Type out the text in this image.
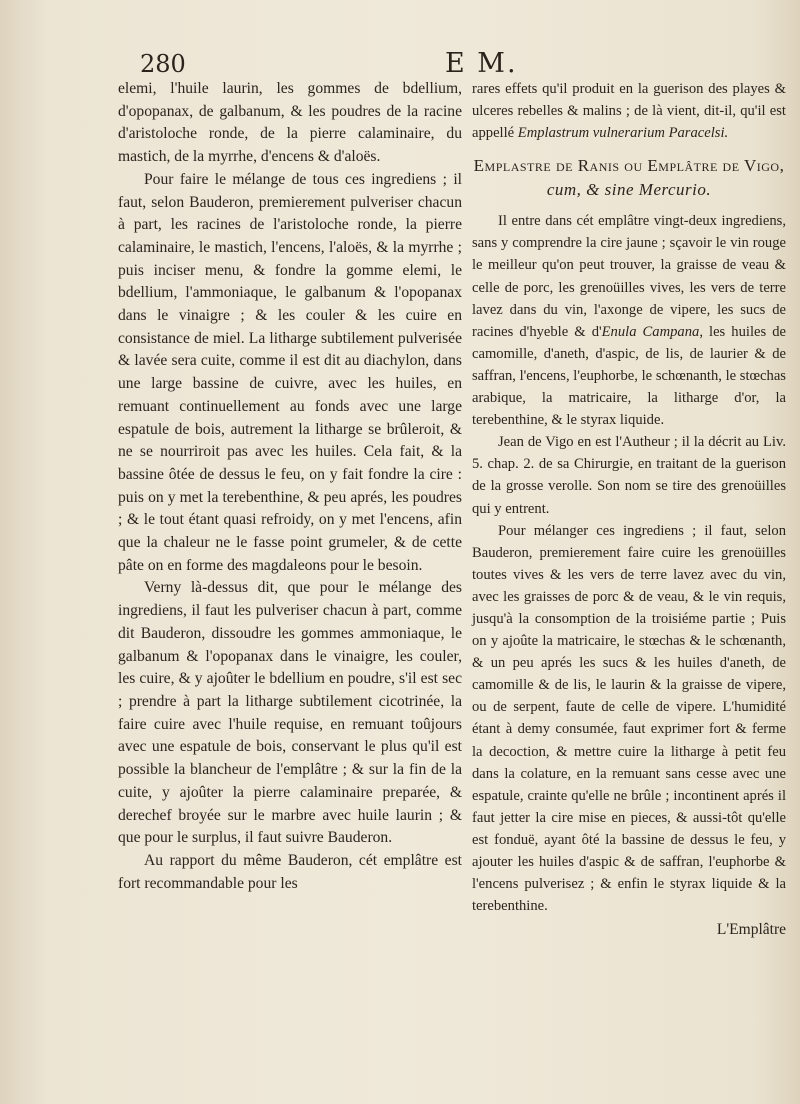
280	E M.

elemi, l'huile laurin, les gommes de bdellium, d'opopanax, de galbanum, & les poudres de la racine d'aristoloche ronde, de la pierre calaminaire, du mastich, de la myrrhe, d'encens & d'aloës.

Pour faire le mélange de tous ces ingrediens ; il faut, selon Bauderon, premierement pulveriser chacun à part, les racines de l'aristoloche ronde, la pierre calaminaire, le mastich, l'encens, l'aloës, & la myrrhe ; puis inciser menu, & fondre la gomme elemi, le bdellium, l'ammoniaque, le galbanum & l'opopanax dans le vinaigre ; & les couler & les cuire en consistance de miel. La litharge subtilement pulverisée & lavée sera cuite, comme il est dit au diachylon, dans une large bassine de cuivre, avec les huiles, en remuant continuellement au fonds avec une large espatule de bois, autrement la litharge se brûleroit, & ne se nourriroit pas avec les huiles. Cela fait, & la bassine ôtée de dessus le feu, on y fait fondre la cire : puis on y met la terebenthine, & peu aprés, les poudres ; & le tout étant quasi refroidy, on y met l'encens, afin que la chaleur ne le fasse point grumeler, & de cette pâte on en forme des magdaleons pour le besoin.

Verny là-dessus dit, que pour le mélange des ingrediens, il faut les pulveriser chacun à part, comme dit Bauderon, dissoudre les gommes ammoniaque, le galbanum & l'opopanax dans le vinaigre, les couler, les cuire, & y ajoûter le bdellium en poudre, s'il est sec ; prendre à part la litharge subtilement cicotrinée, la faire cuire avec l'huile requise, en remuant toûjours avec une espatule de bois, conservant le plus qu'il est possible la blancheur de l'emplâtre ; & sur la fin de la cuite, y ajoûter la pierre calaminaire preparée, & derechef broyée sur le marbre avec huile laurin ; & que pour le surplus, il faut suivre Bauderon.

Au rapport du même Bauderon, cét emplâtre est fort recommandable pour les

rares effets qu'il produit en la guerison des playes & ulceres rebelles & malins ; de là vient, dit-il, qu'il est appellé Emplastrum vulnerarium Paracelsi.

Emplastre de Ranis ou Emplâtre de Vigo, cum, & sine Mercurio.

Il entre dans cét emplâtre vingt-deux ingrediens, sans y comprendre la cire jaune ; sçavoir le vin rouge le meilleur qu'on peut trouver, la graisse de veau & celle de porc, les grenoüilles vives, les vers de terre lavez dans du vin, l'axonge de vipere, les sucs de racines d'hyeble & d'Enula Campana, les huiles de camomille, d'aneth, d'aspic, de lis, de laurier & de saffran, l'encens, l'euphorbe, le schœnanth, le stœchas arabique, la matricaire, la litharge d'or, la terebenthine, & le styrax liquide.

Jean de Vigo en est l'Autheur ; il la décrit au Liv. 5. chap. 2. de sa Chirurgie, en traitant de la guerison de la grosse verolle. Son nom se tire des grenoüilles qui y entrent.

Pour mélanger ces ingrediens ; il faut, selon Bauderon, premierement faire cuire les grenoüilles toutes vives & les vers de terre lavez avec du vin, avec les graisses de porc & de veau, & le vin requis, jusqu'à la consomption de la troisiéme partie ; Puis on y ajoûte la matricaire, le stœchas & le schœnanth, & un peu aprés les sucs & les huiles d'aneth, de camomille & de lis, le laurin & la graisse de vipere, ou de serpent, faute de celle de vipere. L'humidité étant à demy consumée, faut exprimer fort & ferme la decoction, & mettre cuire la litharge à petit feu dans la colature, en la remuant sans cesse avec une espatule, crainte qu'elle ne brûle ; incontinent aprés il faut jetter la cire mise en pieces, & aussi-tôt qu'elle est fonduë, ayant ôté la bassine de dessus le feu, y ajouter les huiles d'aspic & de saffran, l'euphorbe & l'encens pulverisez ; & enfin le styrax liquide & la terebenthine.

L'Emplâtre
